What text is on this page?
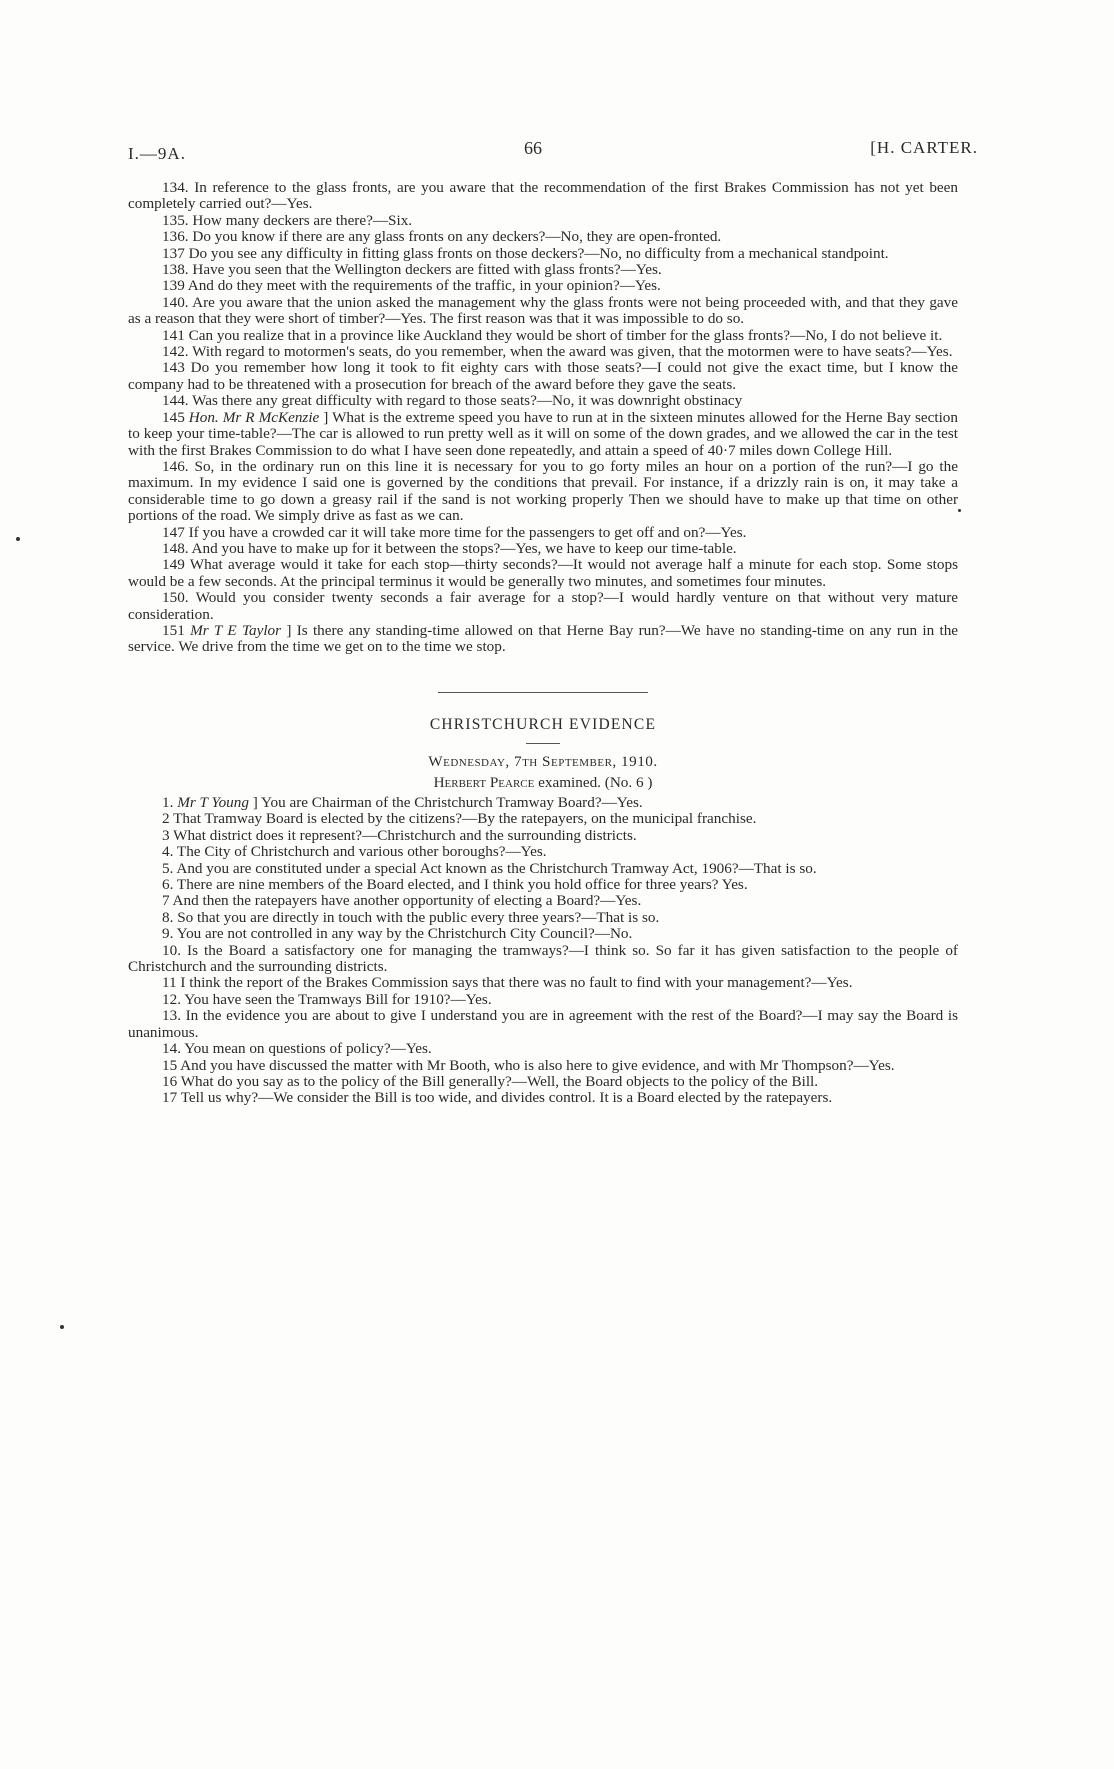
I.—9A.	66	[H. CARTER.

134. In reference to the glass fronts, are you aware that the recommendation of the first Brakes Commission has not yet been completely carried out?—Yes.

135. How many deckers are there?—Six.

136. Do you know if there are any glass fronts on any deckers?—No, they are open-fronted.

137 Do you see any difficulty in fitting glass fronts on those deckers?—No, no difficulty from a mechanical standpoint.

138. Have you seen that the Wellington deckers are fitted with glass fronts?—Yes.

139 And do they meet with the requirements of the traffic, in your opinion?—Yes.

140. Are you aware that the union asked the management why the glass fronts were not being proceeded with, and that they gave as a reason that they were short of timber?—Yes. The first reason was that it was impossible to do so.

141 Can you realize that in a province like Auckland they would be short of timber for the glass fronts?—No, I do not believe it.

142. With regard to motormen's seats, do you remember, when the award was given, that the motormen were to have seats?—Yes.

143 Do you remember how long it took to fit eighty cars with those seats?—I could not give the exact time, but I know the company had to be threatened with a prosecution for breach of the award before they gave the seats.

144. Was there any great difficulty with regard to those seats?—No, it was downright obstinacy

145 Hon. Mr R McKenzie ] What is the extreme speed you have to run at in the sixteen minutes allowed for the Herne Bay section to keep your time-table?—The car is allowed to run pretty well as it will on some of the down grades, and we allowed the car in the test with the first Brakes Commission to do what I have seen done repeatedly, and attain a speed of 40·7 miles down College Hill.

146. So, in the ordinary run on this line it is necessary for you to go forty miles an hour on a portion of the run?—I go the maximum. In my evidence I said one is governed by the conditions that prevail. For instance, if a drizzly rain is on, it may take a considerable time to go down a greasy rail if the sand is not working properly Then we should have to make up that time on other portions of the road. We simply drive as fast as we can.

147 If you have a crowded car it will take more time for the passengers to get off and on?—Yes.

148. And you have to make up for it between the stops?—Yes, we have to keep our time-table.

149 What average would it take for each stop—thirty seconds?—It would not average half a minute for each stop. Some stops would be a few seconds. At the principal terminus it would be generally two minutes, and sometimes four minutes.

150. Would you consider twenty seconds a fair average for a stop?—I would hardly venture on that without very mature consideration.

151 Mr T E Taylor ] Is there any standing-time allowed on that Herne Bay run?—We have no standing-time on any run in the service. We drive from the time we get on to the time we stop.

CHRISTCHURCH EVIDENCE

Wednesday, 7th September, 1910.

Herbert Pearce examined. (No. 6 )

1. Mr T Young ] You are Chairman of the Christchurch Tramway Board?—Yes.

2 That Tramway Board is elected by the citizens?—By the ratepayers, on the municipal franchise.

3 What district does it represent?—Christchurch and the surrounding districts.

4. The City of Christchurch and various other boroughs?—Yes.

5. And you are constituted under a special Act known as the Christchurch Tramway Act, 1906?—That is so.

6. There are nine members of the Board elected, and I think you hold office for three years? Yes.

7 And then the ratepayers have another opportunity of electing a Board?—Yes.

8. So that you are directly in touch with the public every three years?—That is so.

9. You are not controlled in any way by the Christchurch City Council?—No.

10. Is the Board a satisfactory one for managing the tramways?—I think so. So far it has given satisfaction to the people of Christchurch and the surrounding districts.

11 I think the report of the Brakes Commission says that there was no fault to find with your management?—Yes.

12. You have seen the Tramways Bill for 1910?—Yes.

13. In the evidence you are about to give I understand you are in agreement with the rest of the Board?—I may say the Board is unanimous.

14. You mean on questions of policy?—Yes.

15 And you have discussed the matter with Mr Booth, who is also here to give evidence, and with Mr Thompson?—Yes.

16 What do you say as to the policy of the Bill generally?—Well, the Board objects to the policy of the Bill.

17 Tell us why?—We consider the Bill is too wide, and divides control. It is a Board elected by the ratepayers.
